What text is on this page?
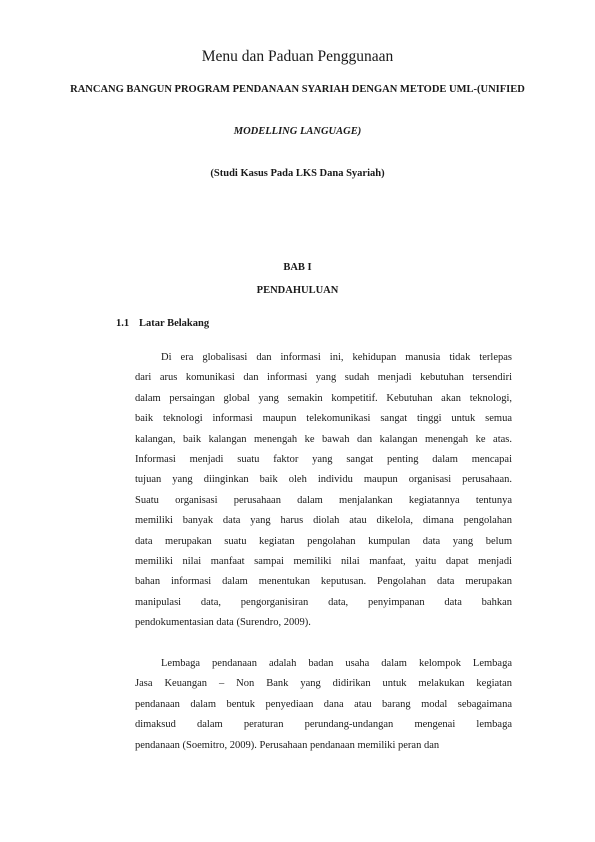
Menu dan Paduan Penggunaan
RANCANG BANGUN PROGRAM PENDANAAN SYARIAH DENGAN METODE UML-(UNIFIED
MODELLING LANGUAGE)
(Studi Kasus Pada LKS Dana Syariah)
BAB I
PENDAHULUAN
1.1 Latar Belakang
Di era globalisasi dan informasi ini, kehidupan manusia tidak terlepas
dari arus komunikasi dan informasi yang sudah menjadi kebutuhan tersendiri
dalam persaingan global yang semakin kompetitif. Kebutuhan akan teknologi,
baik teknologi informasi maupun telekomunikasi sangat tinggi untuk semua
kalangan, baik kalangan menengah ke bawah dan kalangan menengah ke atas.
Informasi menjadi suatu faktor yang sangat penting dalam mencapai
tujuan yang diinginkan baik oleh individu maupun organisasi perusahaan.
Suatu organisasi perusahaan dalam menjalankan kegiatannya tentunya
memiliki banyak data yang harus diolah atau dikelola, dimana pengolahan
data merupakan suatu kegiatan pengolahan kumpulan data yang belum
memiliki nilai manfaat sampai memiliki nilai manfaat, yaitu dapat menjadi
bahan informasi dalam menentukan keputusan. Pengolahan data merupakan
manipulasi data, pengorganisiran data, penyimpanan data bahkan
pendokumentasian data (Surendro, 2009).
Lembaga pendanaan adalah badan usaha dalam kelompok Lembaga
Jasa Keuangan – Non Bank yang didirikan untuk melakukan kegiatan
pendanaan dalam bentuk penyediaan dana atau barang modal sebagaimana
dimaksud dalam peraturan perundang-undangan mengenai lembaga
pendanaan (Soemitro, 2009). Perusahaan pendanaan memiliki peran dan
